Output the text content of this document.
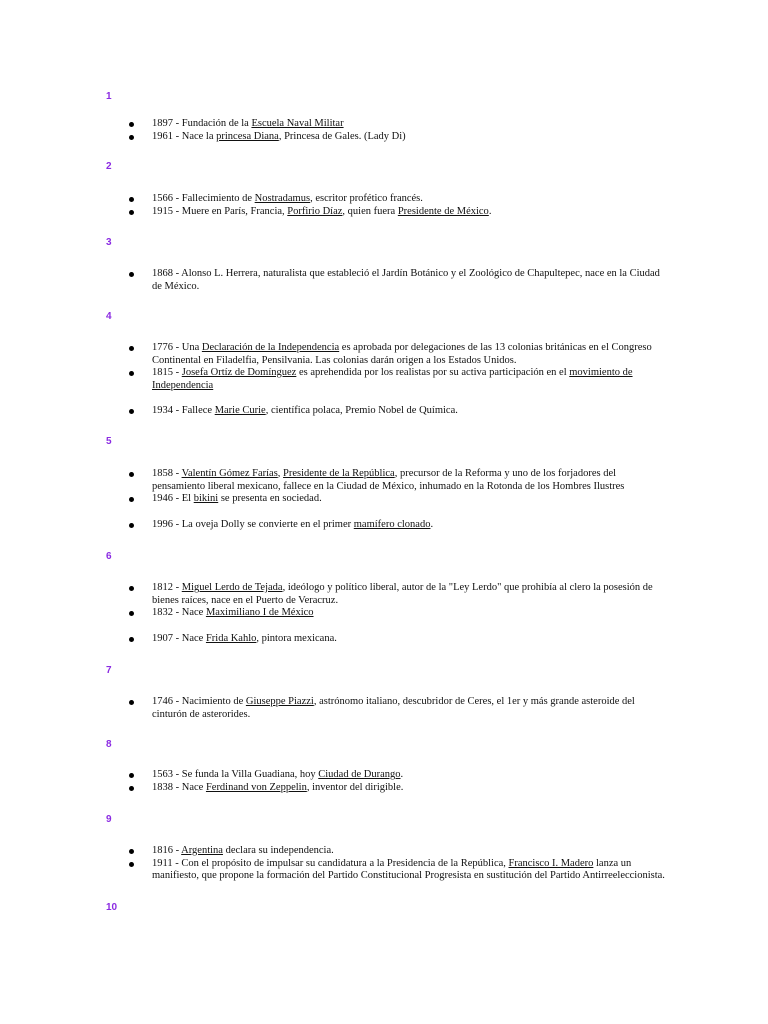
1
1897 - Fundación de la Escuela Naval Militar
1961 - Nace la princesa Diana, Princesa de Gales. (Lady Di)
2
1566 - Fallecimiento de Nostradamus, escritor profético francés.
1915 - Muere en París, Francia, Porfirio Díaz, quien fuera Presidente de México.
3
1868 - Alonso L. Herrera, naturalista que estableció el Jardín Botánico y el Zoológico de Chapultepec, nace en la Ciudad de México.
4
1776 - Una Declaración de la Independencia es aprobada por delegaciones de las 13 colonias británicas en el Congreso Continental en Filadelfia, Pensilvania. Las colonias darán origen a los Estados Unidos.
1815 - Josefa Ortíz de Domínguez es aprehendida por los realistas por su activa participación en el movimiento de Independencia
1934 - Fallece Marie Curie, científica polaca, Premio Nobel de Química.
5
1858 - Valentín Gómez Farías, Presidente de la República, precursor de la Reforma y uno de los forjadores del pensamiento liberal mexicano, fallece en la Ciudad de México, inhumado en la Rotonda de los Hombres Ilustres
1946 - El bikini se presenta en sociedad.
1996 - La oveja Dolly se convierte en el primer mamífero clonado.
6
1812 - Miguel Lerdo de Tejada, ideólogo y político liberal, autor de la "Ley Lerdo" que prohibía al clero la posesión de bienes raíces, nace en el Puerto de Veracruz.
1832 - Nace Maximiliano I de México
1907 - Nace Frida Kahlo, pintora mexicana.
7
1746 - Nacimiento de Giuseppe Piazzi, astrónomo italiano, descubridor de Ceres, el 1er y más grande asteroide del cinturón de asterorides.
8
1563 - Se funda la Villa Guadiana, hoy Ciudad de Durango.
1838 - Nace Ferdinand von Zeppelin, inventor del dirigible.
9
1816 - Argentina declara su independencia.
1911 - Con el propósito de impulsar su candidatura a la Presidencia de la República, Francisco I. Madero lanza un manifiesto, que propone la formación del Partido Constitucional Progresista en sustitución del Partido Antirreeleccionista.
10
